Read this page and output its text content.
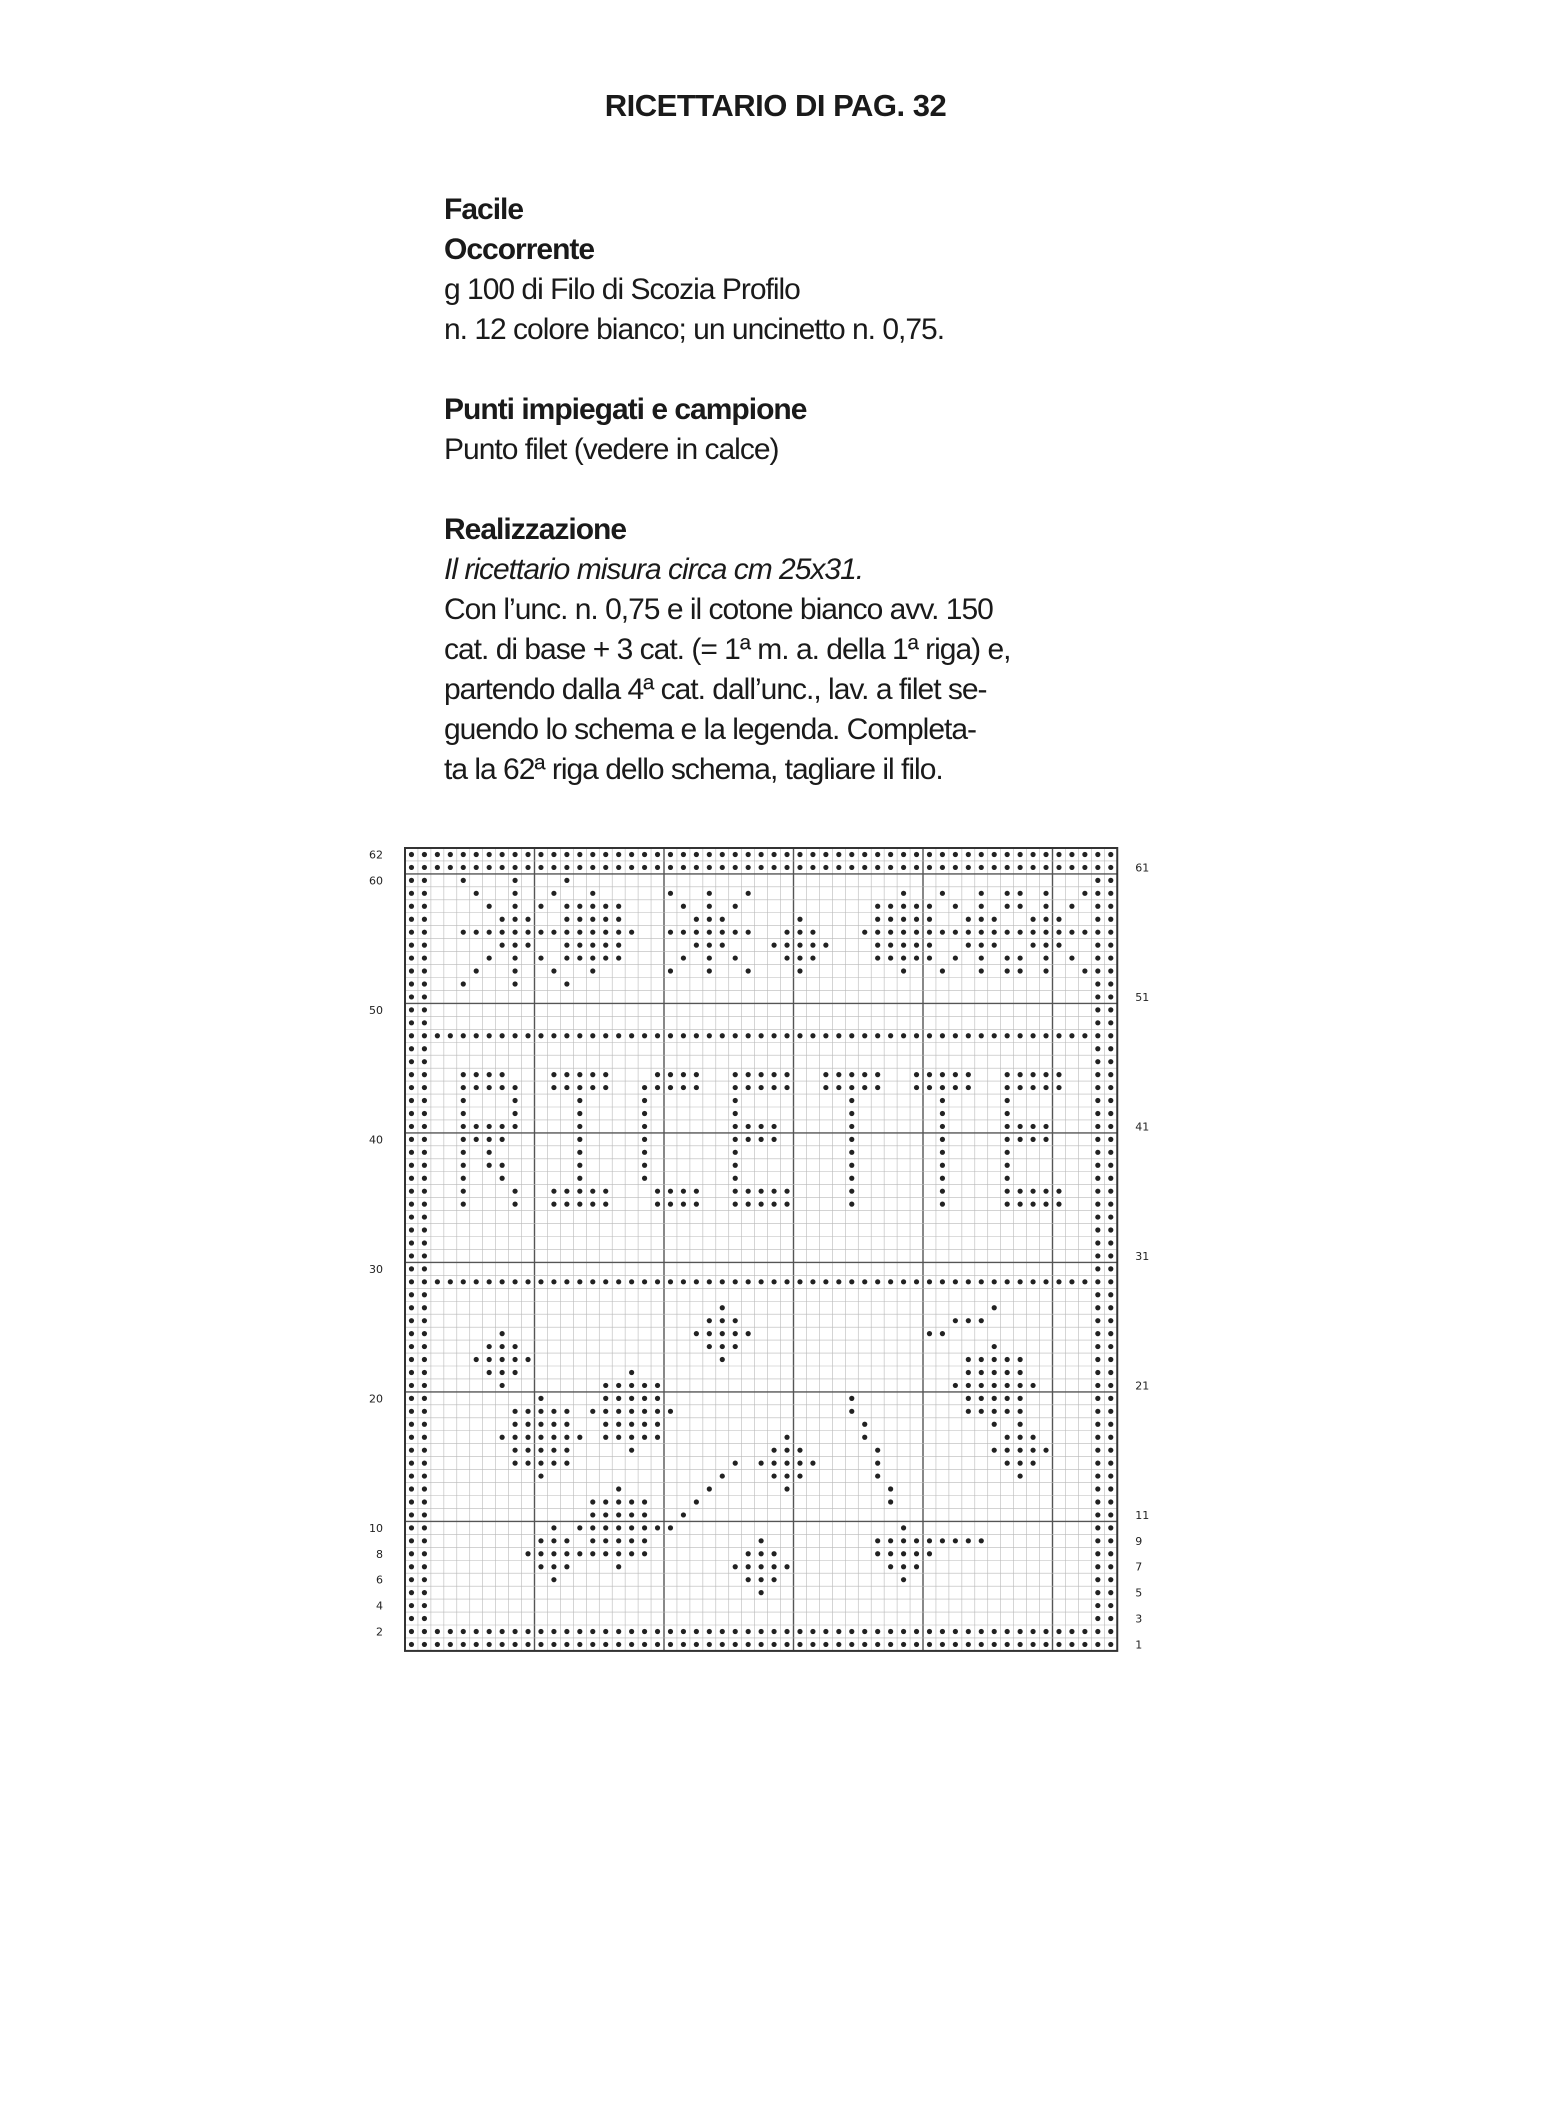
RICETTARIO DI PAG. 32
Facile
Occorrente

g 100 di Filo di Scozia Profilo

n. 12 colore bianco; un uncinetto n. 0,75.

Punti impiegati e campione

Punto filet (vedere in calce)

Realizzazione

Il ricettario misura circa cm 25x31.

Con l’unc. n. 0,75 e il cotone bianco avv. 150

cat. di base + 3 cat. (= 1ª m. a. della 1ª riga) e,

partendo dalla 4ª cat. dall’unc., lav. a filet se-

guendo lo schema e la legenda. Completa-

ta la 62ª riga dello schema, tagliare il filo.

62
60
50
40
30
20
10
8
6
4
2
61
51
41
31
21
11
9
7
5
3
1
